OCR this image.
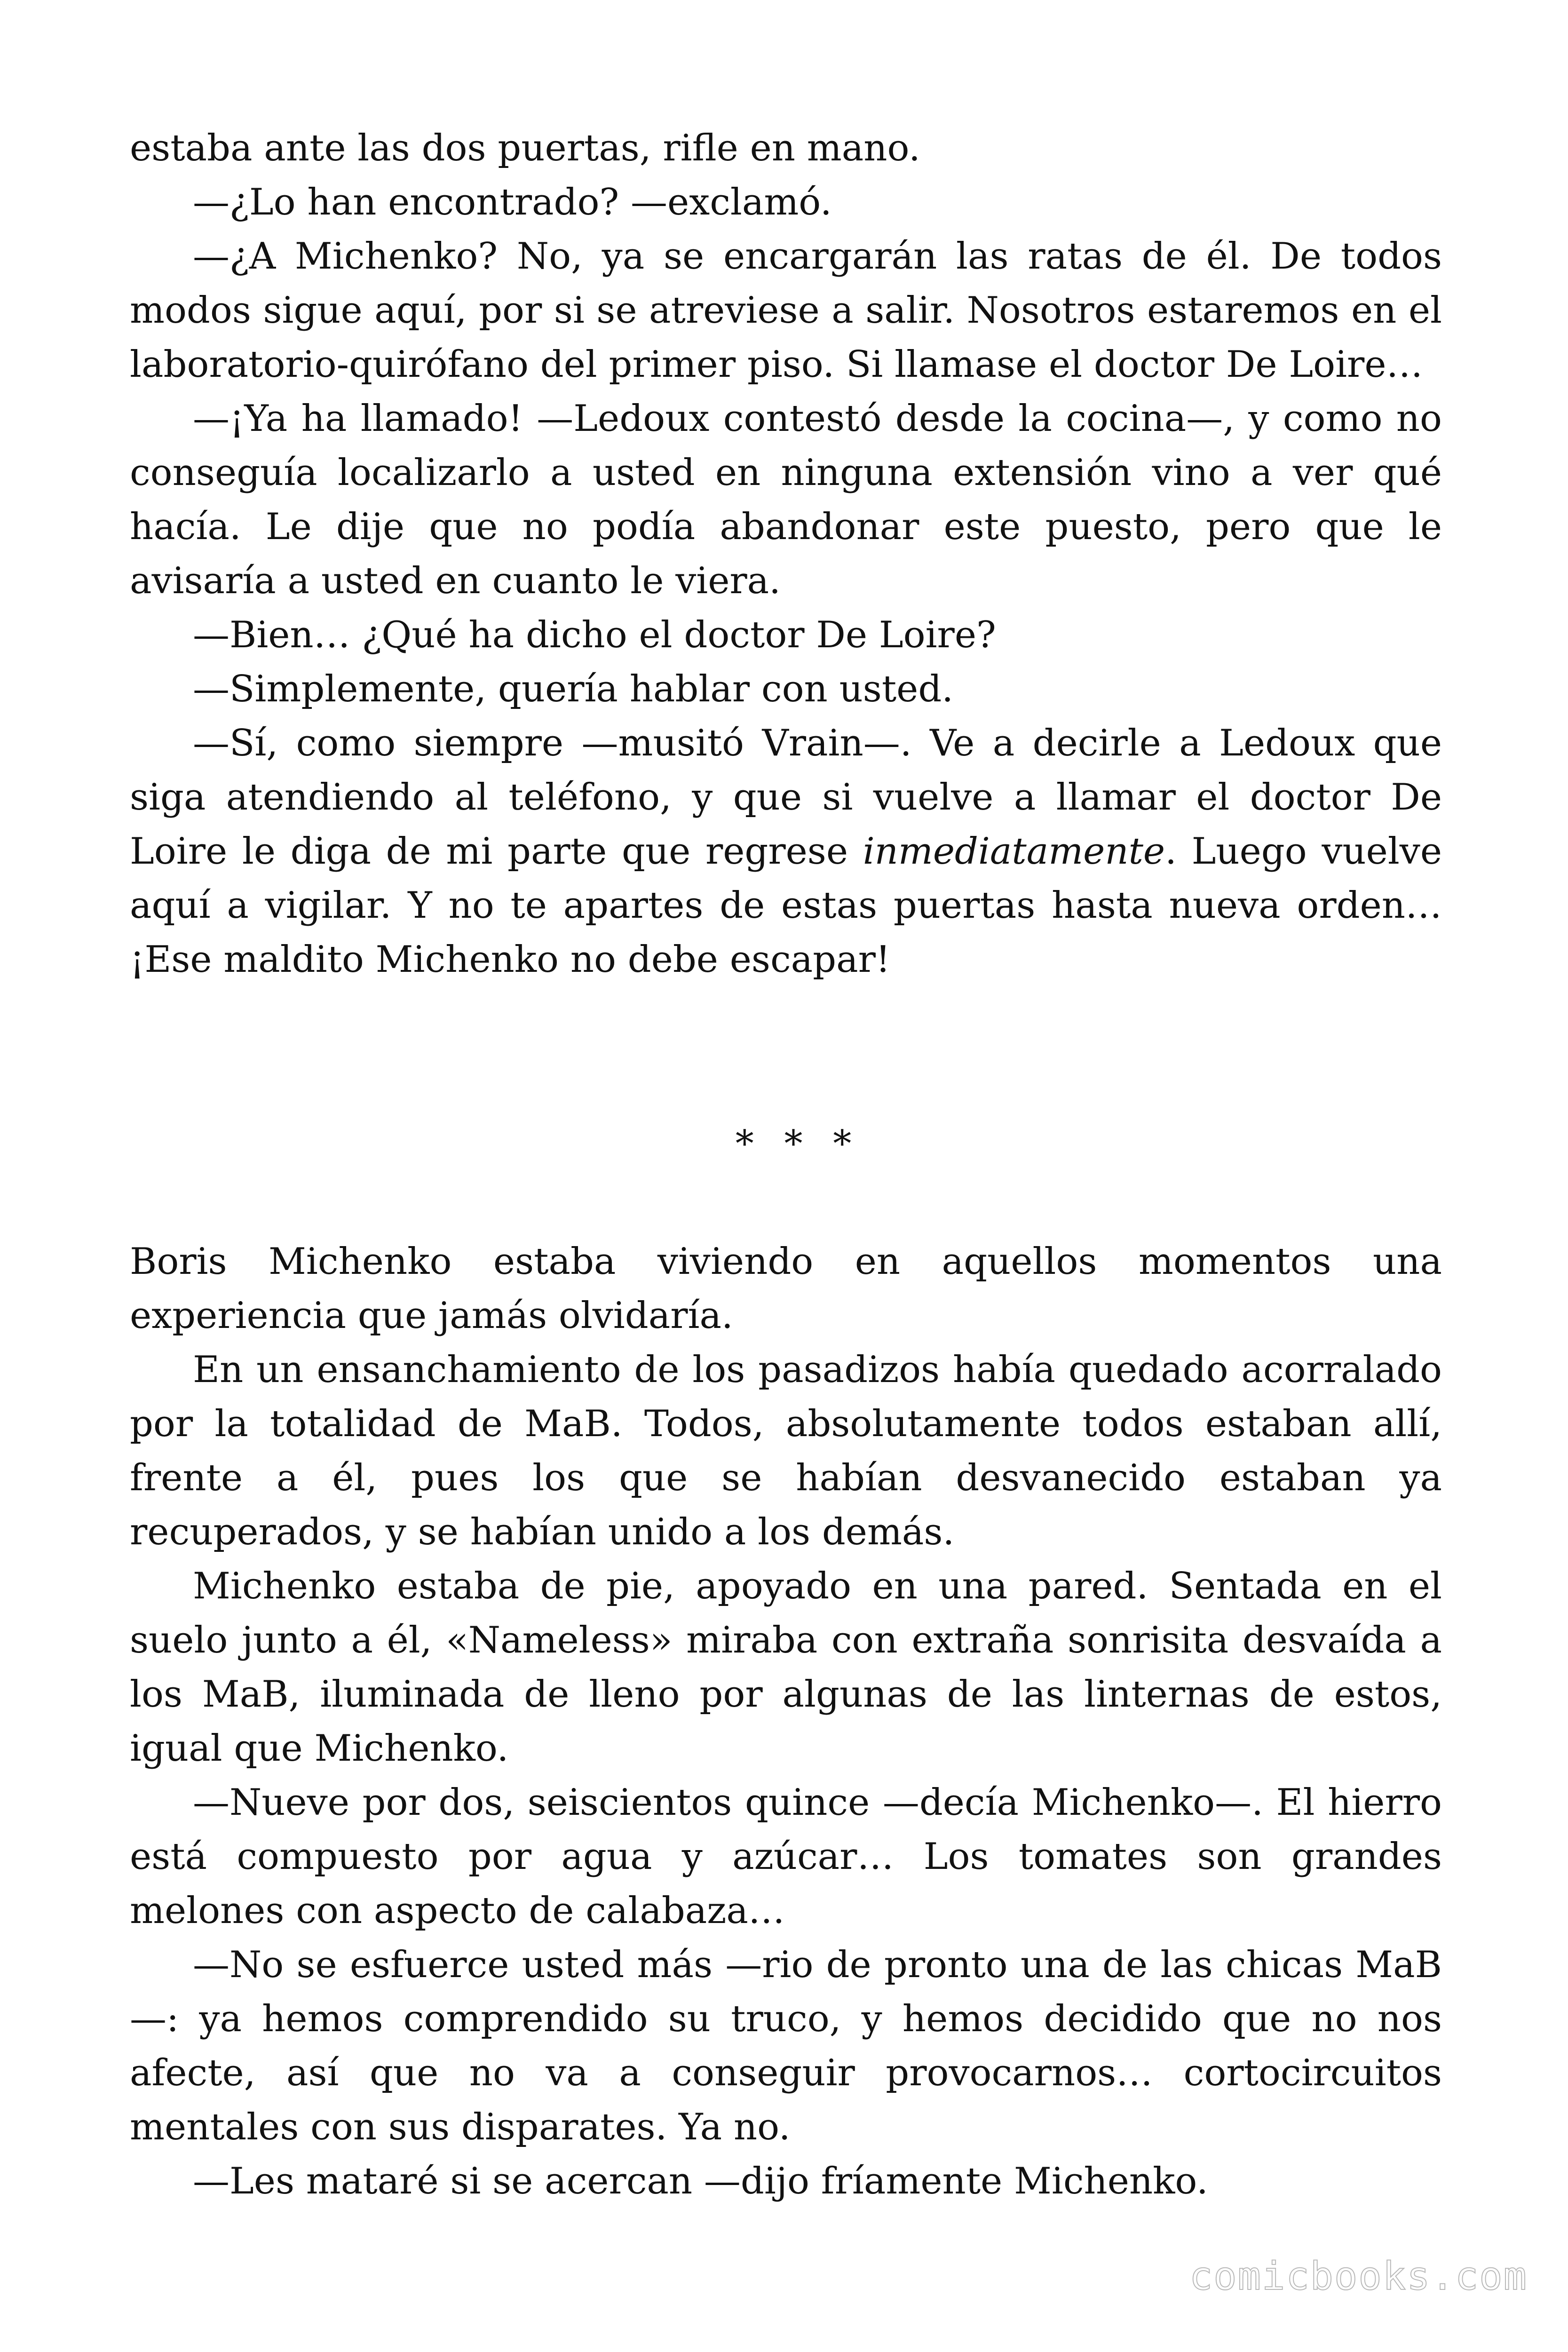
estaba ante las dos puertas, rifle en mano.

—¿Lo han encontrado? —exclamó.

—¿A Michenko? No, ya se encargarán las ratas de él. De todos modos sigue aquí, por si se atreviese a salir. Nosotros estaremos en el laboratorio-quirófano del primer piso. Si llamase el doctor De Loire…

—¡Ya ha llamado! —Ledoux contestó desde la cocina—, y como no conseguía localizarlo a usted en ninguna extensión vino a ver qué hacía. Le dije que no podía abandonar este puesto, pero que le avisaría a usted en cuanto le viera.

—Bien… ¿Qué ha dicho el doctor De Loire?

—Simplemente, quería hablar con usted.

—Sí, como siempre —musitó Vrain—. Ve a decirle a Ledoux que siga atendiendo al teléfono, y que si vuelve a llamar el doctor De Loire le diga de mi parte que regrese inmediatamente. Luego vuelve aquí a vigilar. Y no te apartes de estas puertas hasta nueva orden… ¡Ese maldito Michenko no debe escapar!

* * *

Boris Michenko estaba viviendo en aquellos momentos una experiencia que jamás olvidaría.

En un ensanchamiento de los pasadizos había quedado acorralado por la totalidad de MaB. Todos, absolutamente todos estaban allí, frente a él, pues los que se habían desvanecido estaban ya recuperados, y se habían unido a los demás.

Michenko estaba de pie, apoyado en una pared. Sentada en el suelo junto a él, «Nameless» miraba con extraña sonrisita desvaída a los MaB, iluminada de lleno por algunas de las linternas de estos, igual que Michenko.

—Nueve por dos, seiscientos quince —decía Michenko—. El hierro está compuesto por agua y azúcar… Los tomates son grandes melones con aspecto de calabaza…

—No se esfuerce usted más —rio de pronto una de las chicas MaB—: ya hemos comprendido su truco, y hemos decidido que no nos afecte, así que no va a conseguir provocarnos… cortocircuitos mentales con sus disparates. Ya no.

—Les mataré si se acercan —dijo fríamente Michenko.

comicbooks.com
